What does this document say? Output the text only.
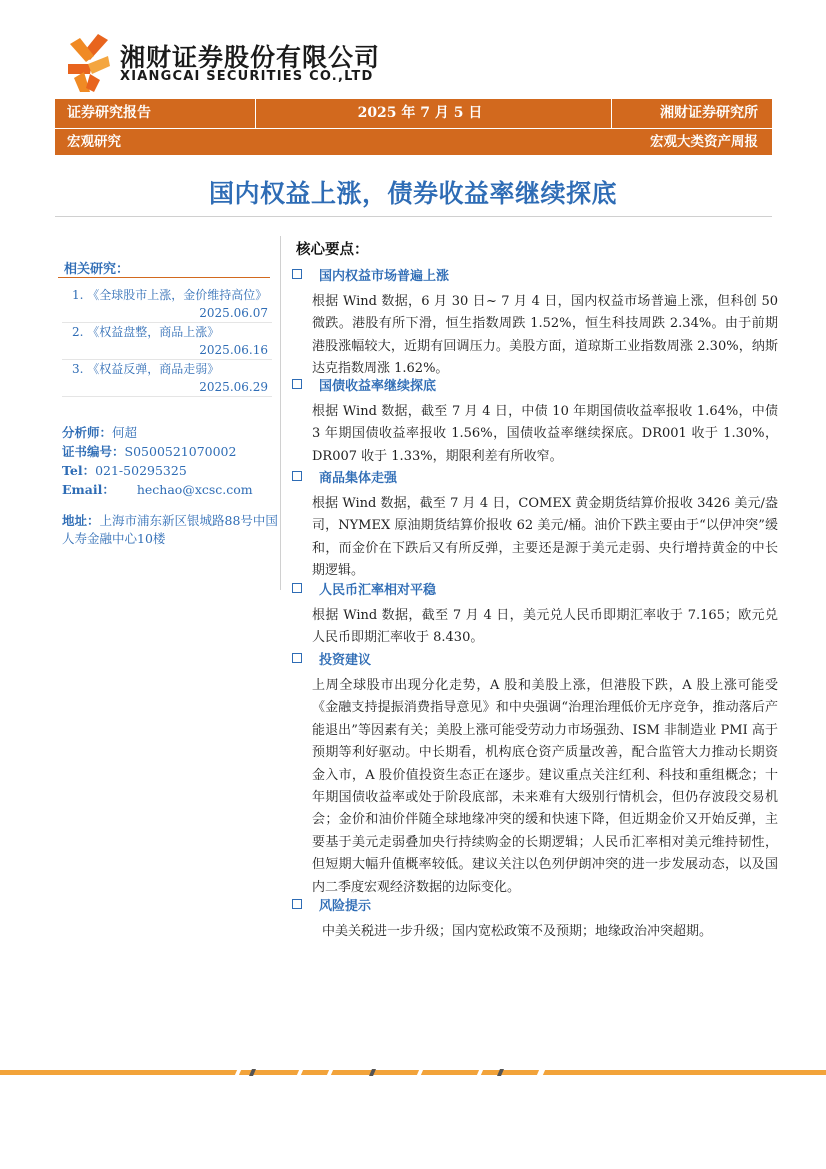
湘财证券股份有限公司
XIANGCAI SECURITIES CO.,LTD
证券研究报告	2025 年 7 月 5 日	湘财证券研究所
宏观研究	宏观大类资产周报
国内权益上涨，债券收益率继续探底
相关研究：
1. 《全球股市上涨，金价维持高位》
2025.06.07
2. 《权益盘整，商品上涨》
2025.06.16
3. 《权益反弹，商品走弱》
2025.06.29
分析师：何超
证书编号：S0500521070002
Tel：021-50295325
Email： hechao@xcsc.com
地址：上海市浦东新区银城路88号中国人寿金融中心10楼
核心要点：
国内权益市场普遍上涨
根据 Wind 数据，6 月 30 日~ 7 月 4 日，国内权益市场普遍上涨，但科创 50 微跌。港股有所下滑，恒生指数周跌 1.52%，恒生科技周跌 2.34%。由于前期港股涨幅较大，近期有回调压力。美股方面，道琼斯工业指数周涨 2.30%，纳斯达克指数周涨 1.62%。
国债收益率继续探底
根据 Wind 数据，截至 7 月 4 日，中债 10 年期国债收益率报收 1.64%，中债 3 年期国债收益率报收 1.56%，国债收益率继续探底。DR001 收于 1.30%，DR007 收于 1.33%，期限利差有所收窄。
商品集体走强
根据 Wind 数据，截至 7 月 4 日，COMEX 黄金期货结算价报收 3426 美元/盎司，NYMEX 原油期货结算价报收 62 美元/桶。油价下跌主要由于“以伊冲突”缓和，而金价在下跌后又有所反弹，主要还是源于美元走弱、央行增持黄金的中长期逻辑。
人民币汇率相对平稳
根据 Wind 数据，截至 7 月 4 日，美元兑人民币即期汇率收于 7.165；欧元兑人民币即期汇率收于 8.430。
投资建议
上周全球股市出现分化走势，A 股和美股上涨，但港股下跌，A 股上涨可能受《金融支持提振消费指导意见》和中央强调“治理治理低价无序竞争，推动落后产能退出”等因素有关；美股上涨可能受劳动力市场强劲、ISM 非制造业 PMI 高于预期等利好驱动。中长期看，机构底仓资产质量改善，配合监管大力推动长期资金入市，A 股价值投资生态正在逐步。建议重点关注红利、科技和重组概念；十年期国债收益率或处于阶段底部，未来难有大级别行情机会，但仍存波段交易机会；金价和油价伴随全球地缘冲突的缓和快速下降，但近期金价又开始反弹，主要基于美元走弱叠加央行持续购金的长期逻辑；人民币汇率相对美元维持韧性，但短期大幅升值概率较低。建议关注以色列伊朗冲突的进一步发展动态，以及国内二季度宏观经济数据的边际变化。
风险提示
中美关税进一步升级；国内宽松政策不及预期；地缘政治冲突超期。
